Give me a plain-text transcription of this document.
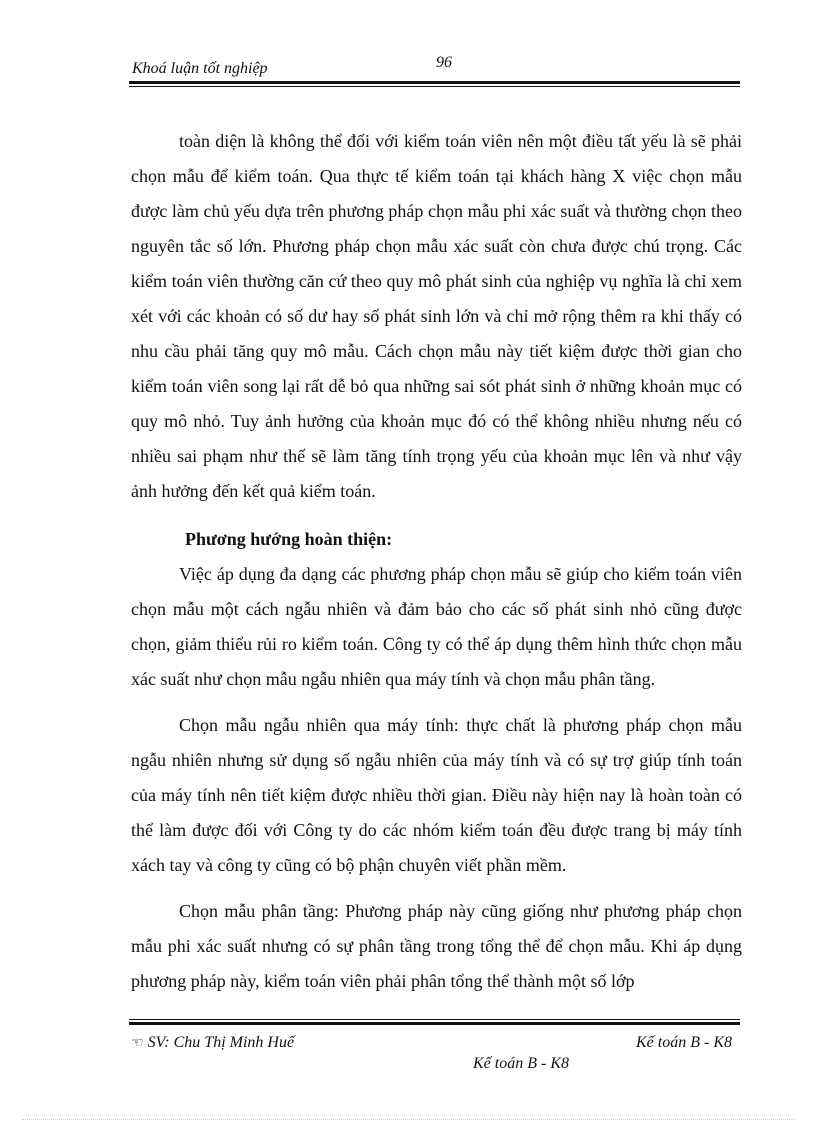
Khoá luận tốt nghiệp	96

toàn diện là không thể đối với kiểm toán viên nên một điều tất yếu là sẽ phải chọn mẫu để kiểm toán. Qua thực tế kiểm toán tại khách hàng X việc chọn mẫu được làm chủ yếu dựa trên phương pháp chọn mẫu phi xác suất và thường chọn theo nguyên tắc số lớn. Phương pháp chọn mẫu xác suất còn chưa được chú trọng. Các kiểm toán viên thường căn cứ theo quy mô phát sinh của nghiệp vụ nghĩa là chỉ xem xét với các khoản có số dư hay số phát sinh lớn và chỉ mở rộng thêm ra khi thấy có nhu cầu phải tăng quy mô mẫu. Cách chọn mẫu này tiết kiệm được thời gian cho kiểm toán viên song lại rất dễ bỏ qua những sai sót phát sinh ở những khoản mục có quy mô nhỏ. Tuy ảnh hưởng của khoản mục đó có thể không nhiều nhưng nếu có nhiều sai phạm như thế sẽ làm tăng tính trọng yếu của khoản mục lên và như vậy ảnh hưởng đến kết quả kiểm toán.

Phương hướng hoàn thiện:

Việc áp dụng đa dạng các phương pháp chọn mẫu sẽ giúp cho kiểm toán viên chọn mẫu một cách ngẫu nhiên và đảm bảo cho các số phát sinh nhỏ cũng được chọn, giảm thiểu rủi ro kiểm toán. Công ty có thể áp dụng thêm hình thức chọn mẫu xác suất như chọn mẫu ngẫu nhiên qua máy tính và chọn mẫu phân tầng.

Chọn mẫu ngẫu nhiên qua máy tính: thực chất là phương pháp chọn mẫu ngẫu nhiên nhưng sử dụng số ngẫu nhiên của máy tính và có sự trợ giúp tính toán của máy tính nên tiết kiệm được nhiều thời gian. Điều này hiện nay là hoàn toàn có thể làm được đối với Công ty do các nhóm kiểm toán đều được trang bị máy tính xách tay và công ty cũng có bộ phận chuyên viết phần mềm.

Chọn mẫu phân tầng: Phương pháp này cũng giống như phương pháp chọn mẫu phi xác suất nhưng có sự phân tầng trong tổng thể để chọn mẫu. Khi áp dụng phương pháp này, kiểm toán viên phải phân tổng thể thành một số lớp

☜ SV: Chu Thị Minh Huế	Kế toán B - K8
Kế toán B - K8
